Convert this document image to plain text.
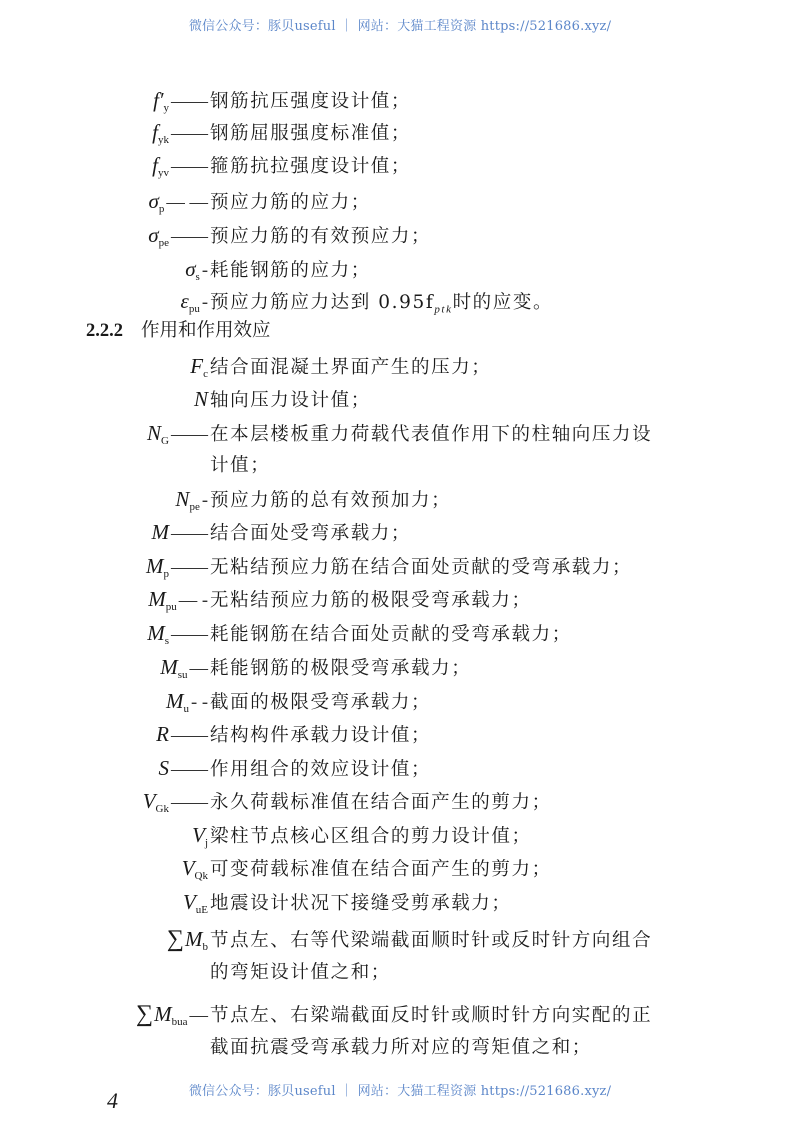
微信公众号：豚贝useful ｜ 网站：大猫工程资源 https://521686.xyz/
$f'_y$ —— 钢筋抗压强度设计值；
$f_{yk}$ —— 钢筋屈服强度标准值；
$f_{yv}$ —— 箍筋抗拉强度设计值；
$\sigma_p$ — — 预应力筋的应力；
$\sigma_{pe}$ —— 预应力筋的有效预应力；
$\sigma_s$ - 耗能钢筋的应力；
$\varepsilon_{pu}$ - 预应力筋应力达到 $0.95f_{ptk}$时的应变。
$F_c$ 结合面混凝土界面产生的压力；
N 轴向压力设计值；
$N_G$ —— 在本层楼板重力荷载代表值作用下的柱轴向压力设
计值；
$N_{pe}$ - 预应力筋的总有效预加力；
M —— 结合面处受弯承载力；
$M_p$ —— 无粘结预应力筋在结合面处贡献的受弯承载力；
$M_{pu}$ — - 无粘结预应力筋的极限受弯承载力；
$M_s$ —— 耗能钢筋在结合面处贡献的受弯承载力；
$M_{su}$ — 耗能钢筋的极限受弯承载力；
$M_u$ - - 截面的极限受弯承载力；
R —— 结构构件承载力设计值；
S —— 作用组合的效应设计值；
$V_{Gk}$ —— 永久荷载标准值在结合面产生的剪力；
$V_j$ 梁柱节点核心区组合的剪力设计值；
$V_{Qk}$ 可变荷载标准值在结合面产生的剪力；
$V_{uE}$ 地震设计状况下接缝受剪承载力；
$\sum M_b$ 节点左、右等代梁端截面顺时针或反时针方向组合
的弯矩设计值之和；
$\sum M_{bua}$ — 节点左、右梁端截面反时针或顺时针方向实配的正
截面抗震受弯承载力所对应的弯矩值之和；
2.2.2 作用和作用效应
微信公众号：豚贝useful ｜ 网站：大猫工程资源 https://521686.xyz/
4
